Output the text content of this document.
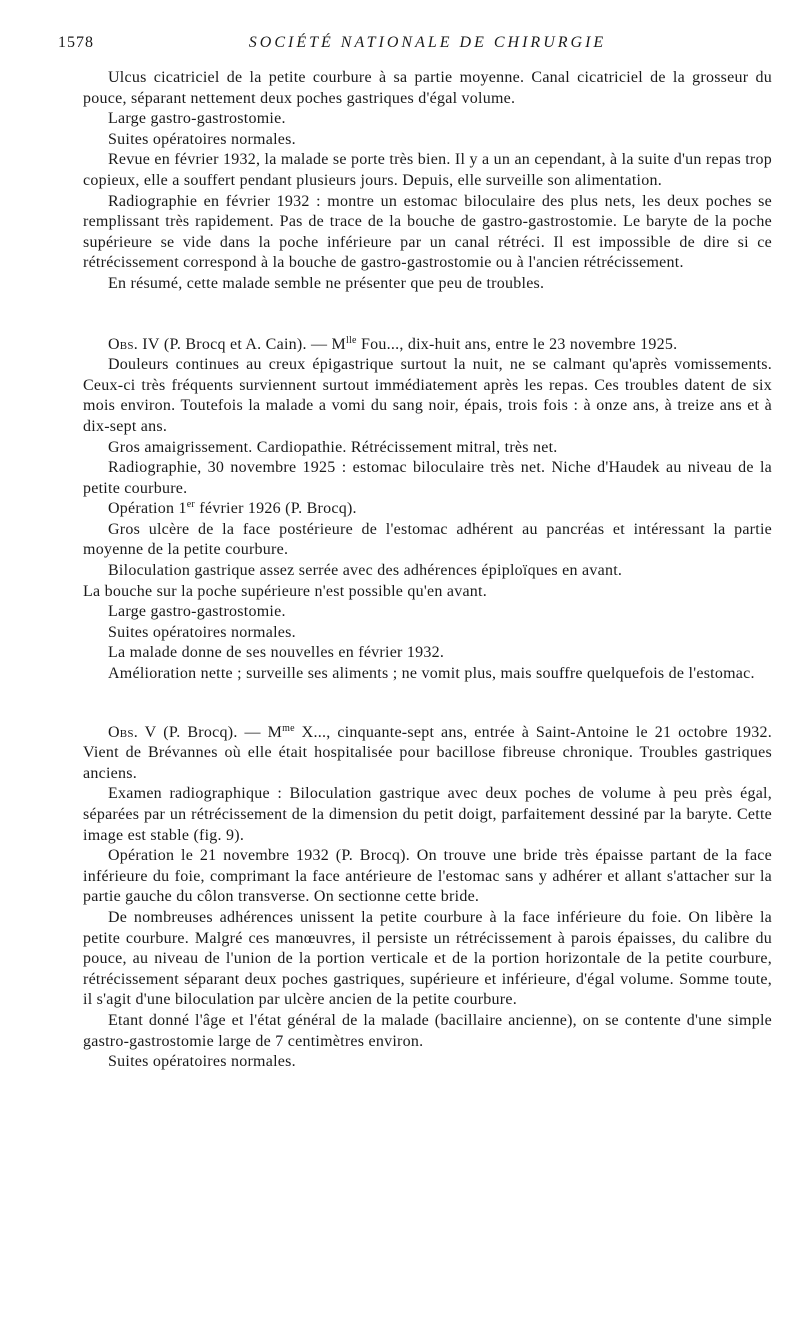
1578	SOCIÉTÉ NATIONALE DE CHIRURGIE

Ulcus cicatriciel de la petite courbure à sa partie moyenne. Canal cicatriciel de la grosseur du pouce, séparant nettement deux poches gastriques d'égal volume.

Large gastro-gastrostomie.

Suites opératoires normales.

Revue en février 1932, la malade se porte très bien. Il y a un an cependant, à la suite d'un repas trop copieux, elle a souffert pendant plusieurs jours. Depuis, elle surveille son alimentation.

Radiographie en février 1932 : montre un estomac biloculaire des plus nets, les deux poches se remplissant très rapidement. Pas de trace de la bouche de gastro-gastrostomie. Le baryte de la poche supérieure se vide dans la poche inférieure par un canal rétréci. Il est impossible de dire si ce rétrécissement correspond à la bouche de gastro-gastrostomie ou à l'ancien rétrécissement.

En résumé, cette malade semble ne présenter que peu de troubles.

Obs. IV (P. Brocq et A. Cain). — $M^{lle}$ Fou..., dix-huit ans, entre le 23 novembre 1925.

Douleurs continues au creux épigastrique surtout la nuit, ne se calmant qu'après vomissements. Ceux-ci très fréquents surviennent surtout immédiatement après les repas. Ces troubles datent de six mois environ. Toutefois la malade a vomi du sang noir, épais, trois fois : à onze ans, à treize ans et à dix-sept ans.

Gros amaigrissement. Cardiopathie. Rétrécissement mitral, très net.

Radiographie, 30 novembre 1925 : estomac biloculaire très net. Niche d'Haudek au niveau de la petite courbure.

Opération 1er février 1926 (P. Brocq).

Gros ulcère de la face postérieure de l'estomac adhérent au pancréas et intéressant la partie moyenne de la petite courbure.

Biloculation gastrique assez serrée avec des adhérences épiploïques en avant.

La bouche sur la poche supérieure n'est possible qu'en avant.

Large gastro-gastrostomie.

Suites opératoires normales.

La malade donne de ses nouvelles en février 1932.

Amélioration nette ; surveille ses aliments ; ne vomit plus, mais souffre quelquefois de l'estomac.

Obs. V (P. Brocq). — $M^{me}$ X..., cinquante-sept ans, entrée à Saint-Antoine le 21 octobre 1932. Vient de Brévannes où elle était hospitalisée pour bacillose fibreuse chronique. Troubles gastriques anciens.

Examen radiographique : Biloculation gastrique avec deux poches de volume à peu près égal, séparées par un rétrécissement de la dimension du petit doigt, parfaitement dessiné par la baryte. Cette image est stable (fig. 9).

Opération le 21 novembre 1932 (P. Brocq). On trouve une bride très épaisse partant de la face inférieure du foie, comprimant la face antérieure de l'estomac sans y adhérer et allant s'attacher sur la partie gauche du côlon transverse. On sectionne cette bride.

De nombreuses adhérences unissent la petite courbure à la face inférieure du foie. On libère la petite courbure. Malgré ces manœuvres, il persiste un rétrécissement à parois épaisses, du calibre du pouce, au niveau de l'union de la portion verticale et de la portion horizontale de la petite courbure, rétrécissement séparant deux poches gastriques, supérieure et inférieure, d'égal volume. Somme toute, il s'agit d'une biloculation par ulcère ancien de la petite courbure.

Etant donné l'âge et l'état général de la malade (bacillaire ancienne), on se contente d'une simple gastro-gastrostomie large de 7 centimètres environ.

Suites opératoires normales.
